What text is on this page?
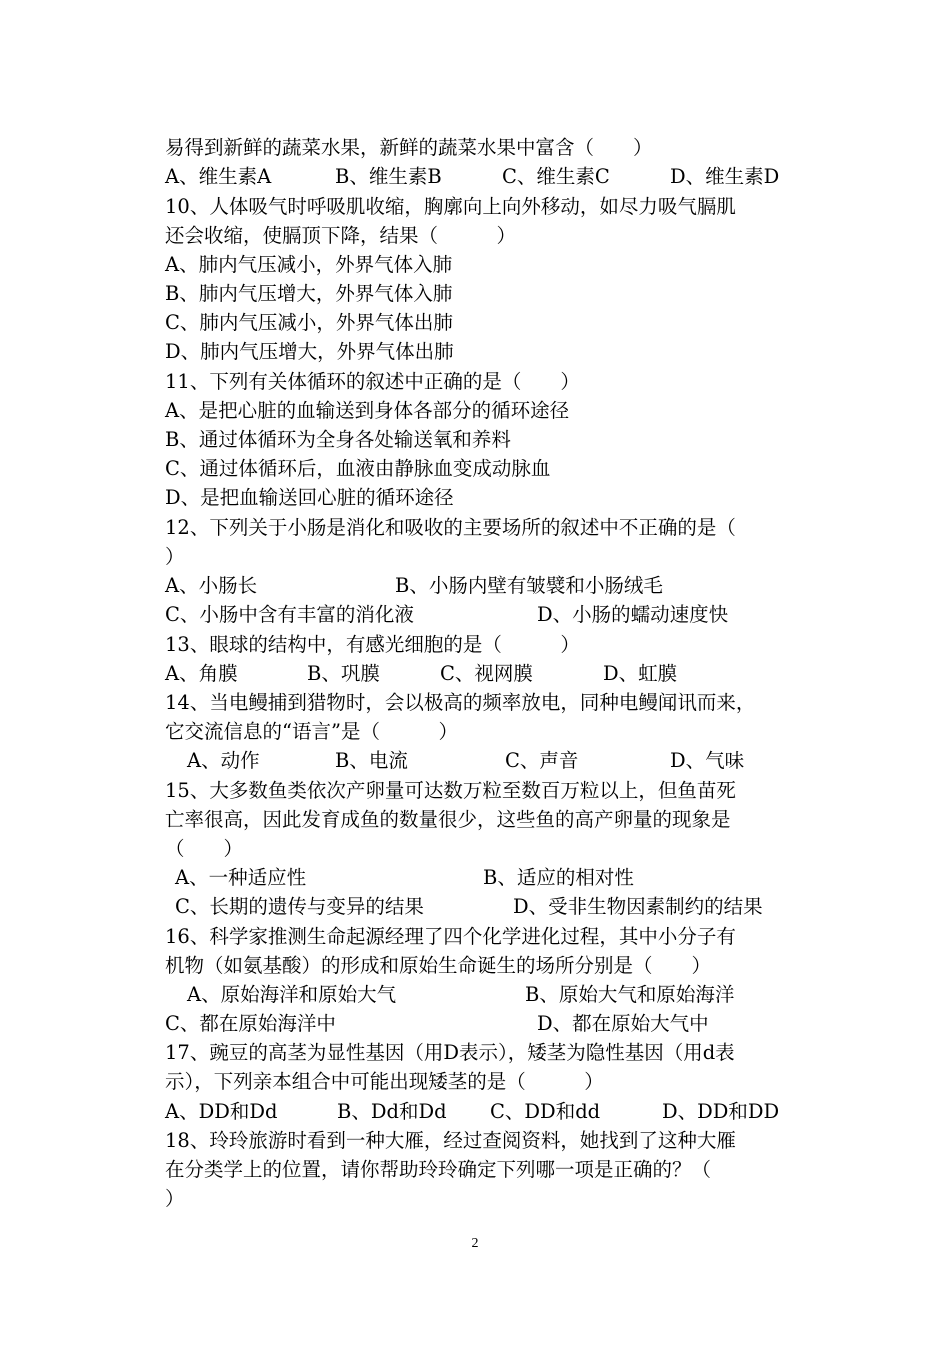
2
易得到新鲜的蔬菜水果，新鲜的蔬菜水果中富含（　　）
A、维生素A	B、维生素B	C、维生素C	D、维生素D
10、人体吸气时呼吸肌收缩，胸廓向上向外移动，如尽力吸气膈肌
还会收缩，使膈顶下降，结果（　　　）
A、肺内气压减小，外界气体入肺
B、肺内气压增大，外界气体入肺
C、肺内气压减小，外界气体出肺
D、肺内气压增大，外界气体出肺
11、下列有关体循环的叙述中正确的是（　　）
A、是把心脏的血输送到身体各部分的循环途径
B、通过体循环为全身各处输送氧和养料
C、通过体循环后，血液由静脉血变成动脉血
D、是把血输送回心脏的循环途径
12、下列关于小肠是消化和吸收的主要场所的叙述中不正确的是（
）
A、小肠长	B、小肠内壁有皱襞和小肠绒毛
C、小肠中含有丰富的消化液	D、小肠的蠕动速度快
13、眼球的结构中，有感光细胞的是（　　　）
A、角膜	B、巩膜	C、视网膜	D、虹膜
14、当电鳗捕到猎物时，会以极高的频率放电，同种电鳗闻讯而来，
它交流信息的“语言”是（　　　）
A、动作	B、电流	C、声音	D、气味
15、大多数鱼类依次产卵量可达数万粒至数百万粒以上，但鱼苗死
亡率很高，因此发育成鱼的数量很少，这些鱼的高产卵量的现象是
（　　）
A、一种适应性	B、适应的相对性
C、长期的遗传与变异的结果	D、受非生物因素制约的结果
16、科学家推测生命起源经理了四个化学进化过程，其中小分子有
机物（如氨基酸）的形成和原始生命诞生的场所分别是（　　）
A、原始海洋和原始大气	B、原始大气和原始海洋
C、都在原始海洋中	D、都在原始大气中
17、豌豆的高茎为显性基因（用D表示），矮茎为隐性基因（用d表
示），下列亲本组合中可能出现矮茎的是（　　　）
A、DD和Dd	B、Dd和Dd C、DD和dd	D、DD和DD
18、玲玲旅游时看到一种大雁，经过查阅资料，她找到了这种大雁
在分类学上的位置，请你帮助玲玲确定下列哪一项是正确的？（
）
